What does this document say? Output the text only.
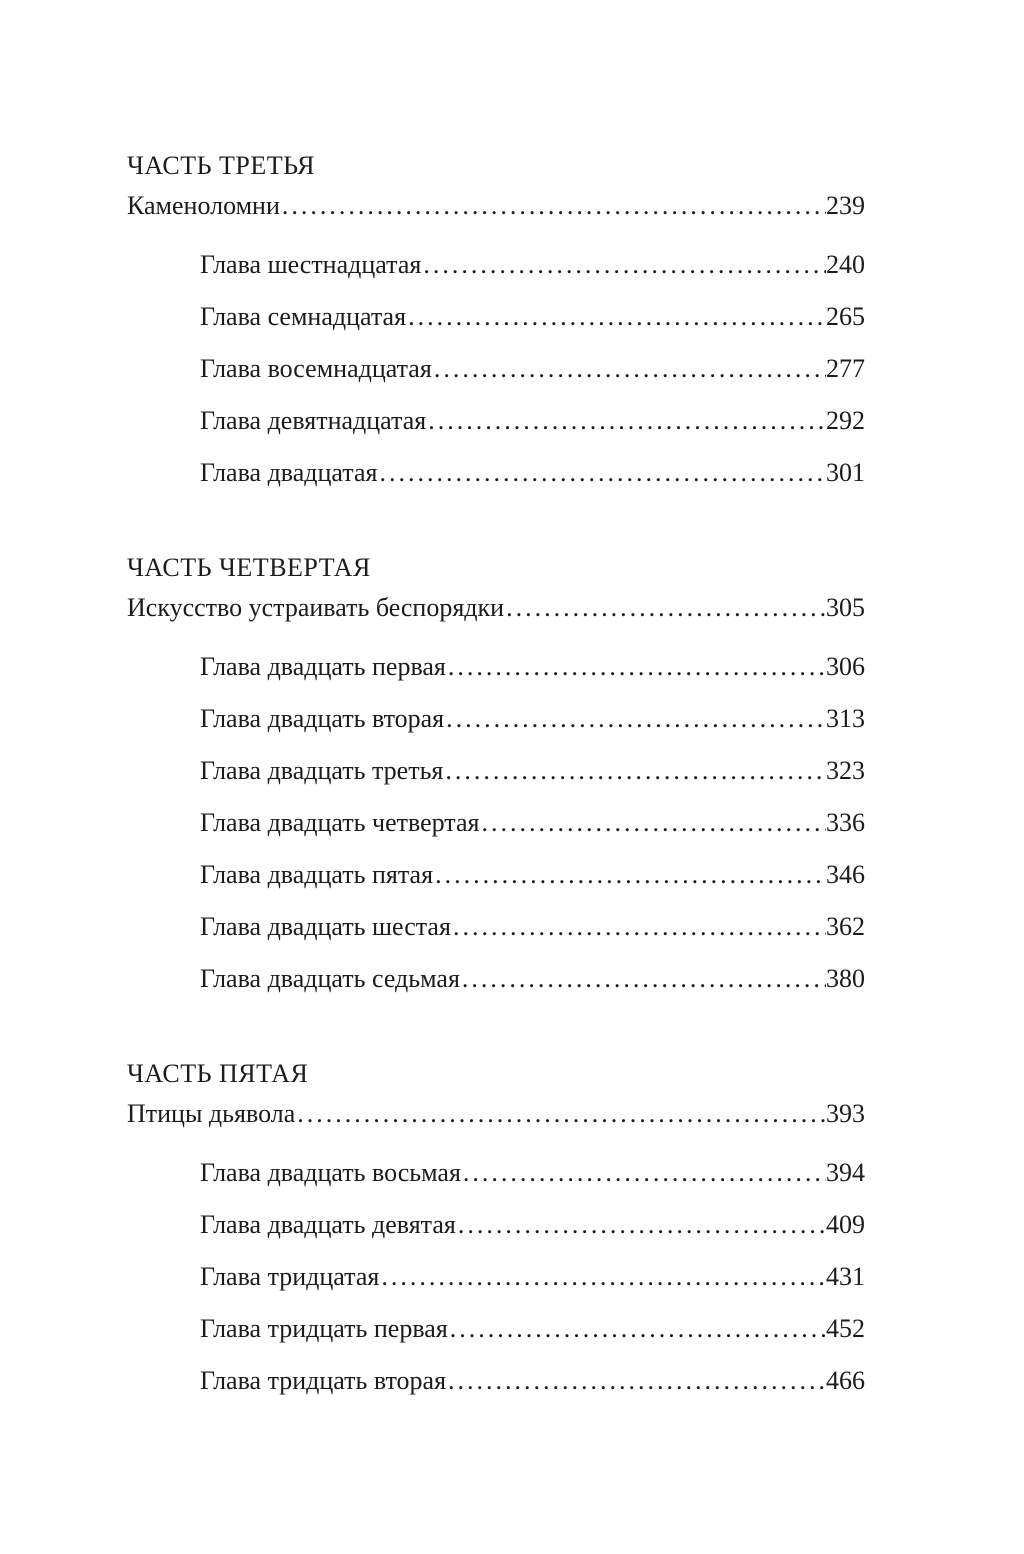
ЧАСТЬ ТРЕТЬЯ
Каменоломни .....	239
Глава шестнадцатая .....	240
Глава семнадцатая .....	265
Глава восемнадцатая .....	277
Глава девятнадцатая .....	292
Глава двадцатая .....	301
ЧАСТЬ ЧЕТВЕРТАЯ
Искусство устраивать беспорядки .....	305
Глава двадцать первая .....	306
Глава двадцать вторая .....	313
Глава двадцать третья .....	323
Глава двадцать четвертая .....	336
Глава двадцать пятая .....	346
Глава двадцать шестая .....	362
Глава двадцать седьмая .....	380
ЧАСТЬ ПЯТАЯ
Птицы дьявола .....	393
Глава двадцать восьмая .....	394
Глава двадцать девятая .....	409
Глава тридцатая .....	431
Глава тридцать первая .....	452
Глава тридцать вторая .....	466
